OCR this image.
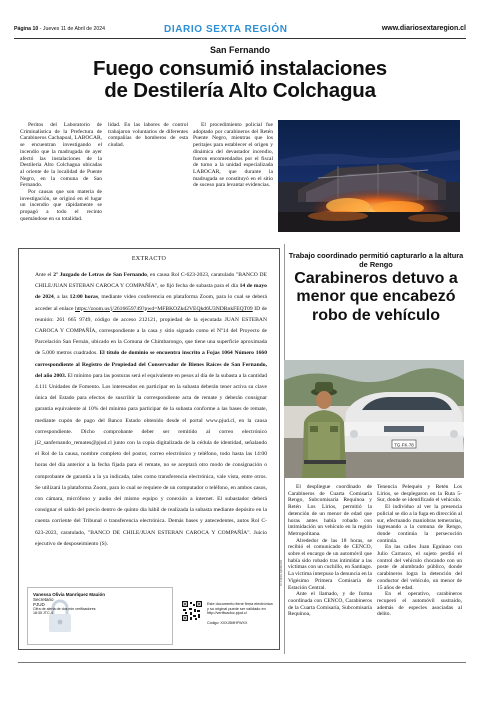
Página 10 - Jueves 11 de Abril de 2024	DIARIO SEXTA REGIÓN	www.diariosextaregion.cl
San Fernando
Fuego consumió instalaciones
de Destilería Alto Colchagua

Peritos del Laboratorio de Criminalística de la Prefectura de Carabineros Cachapoal, LABOCAR, se encuentran investigando el incendio que la madrugada de ayer afectó las instalaciones de la Destilería Alto Colchagua ubicadas al oriente de la localidad de Puente Negro, en la comuna de San Fernando.

Por causas que son materia de investigación, se originó en el lugar un incendio que rápidamente se propagó a todo el recinto quemándose en su totalidad.

lidad. En las labores de control trabajaron voluntarios de diferentes compañías de bomberos de esta ciudad.

El procedimiento policial fue adoptado por carabineros del Retén Puente Negro, mientras que los peritajes para establecer el origen y dinámica del devastador incendio, fueron encomendados por el fiscal de turno a la unidad especializada LABOCAR, que durante la madrugada se constituyó en el sitio de suceso para levantar evidencias.

EXTRACTO
Ante el 2º Juzgado de Letras de San Fernando, en causa Rol C-623-2023, caratulado "BANCO DE CHILE/JUAN ESTEBAN CAROCA Y COMPAÑÍA", se fijó fecha de subasta para el día 14 de mayo de 2024, a las 12:00 horas, mediante video conferencia en plataforma Zoom, para lo cual se deberá acceder al enlace https://zoom.us/j/2616659749?pwd=MFBKOZkd2VEQkd6U3NDRnkFEQT09 ID de reunión: 261 665 9749, código de acceso 212121, propiedad de la ejecutada JUAN ESTEBAN CAROCA Y COMPAÑÍA, correspondiente a la casa y sitio signado como el Nº14 del Proyecto de Parcelación San Fernán, ubicado en la Comuna de Chimbarongo, que tiene una superficie aproximada de 5.000 metros cuadrados. El título de dominio se encuentra inscrito a Fojas 1064 Número 1660 correspondiente al Registro de Propiedad del Conservador de Bienes Raíces de San Fernando, del año 2003. El mínimo para las posturas será el equivalente en pesos al día de la subasta a la cantidad 4.111 Unidades de Fomento. Los interesados en participar en la subasta deberán tener activa su clave única del Estado para efectos de suscribir la correspondiente acta de remate y deberán consignar garantía equivalente al 10% del mínimo para participar de la subasta conforme a las bases de remate, mediante cupón de pago del Banco Estado obtenido desde el portal www.pjud.cl, en la causa correspondiente. Dicho comprobante deber ser remitido al correo electrónico jl2_sanfernando_remates@pjud.cl junto con la copia digitalizada de la cédula de identidad, señalando el Rol de la causa, nombre completo del postor, correo electrónico y teléfono, todo hasta las 14:00 horas del día anterior a la fecha fijada para el remate, no se aceptará otro modo de consignación o comprobante de garantía a la ya indicada, tales como transferencia electrónica, vale vista, entre otros. Se utilizará la plataforma Zoom, para lo cual se requiere de un computador o teléfono, en ambos casos, con cámara, micrófono y audio del mismo equipo y conexión a internet. El subastador deberá consignar el saldo del precio dentro de quinto día hábil de realizada la subasta mediante depósito en la cuenta corriente del Tribunal o transferencia electrónica. Demás bases y antecedentes, autos Rol C-623-2023, caratulado, "BANCO DE CHILE/JUAN ESTEBAN CAROCA Y COMPAÑÍA". Juicio ejecutivo de desposeimiento (S).
Vanessa Olivia Manríquez Mauión
Secretario
PJUD
Cifra de alerta de dos min verificadores 18:35 JTC-4
Este documento tiene firma electrónica y su original puede ser validado en http://verificadoc.pjud.cl
Código: XXXJ5MHFWXX
Nº 4 D(SU.N)/V06-003
Trabajo coordinado permitió capturarlo a la altura de Rengo
Carabineros detuvo a menor que encabezó robo de vehículo
TG·FK·78

El despliegue coordinado de Carabineros de Cuarta Comisaría Rengo, Subcomisaría Requínoa y Retén Los Lirios, permitió la detención de un menor de edad que horas antes había robado con intimidación un vehículo en la región Metropolitana.

Alrededor de las 18 horas, se recibió el comunicado de CENCO, sobre el encargo de un automóvil que había sido robado tras intimidar a las víctimas con un cuchillo, en Santiago. La víctima interpuso la denuncia en la Vigésimo Primera Comisaría de Estación Central.

Ante el llamado, y de forma coordinada con CENCO, Carabineros de la Cuarta Comisaría, Subcomisaría Requínoa,

Tenencia Pelequén y Retén Los Lirios, se desplegaron en la Ruta 5- Sur, donde se identificado el vehículo.

El individuo al ver la presencia policial se dio a la fuga en dirección al sur, efectuando maniobras temerarias, ingresando a la comuna de Rengo, donde continúa la persecución continúa.

En las calles Juan Eguinao con Julio Carrasco, el sujeto perdió el control del vehículo chocando con un poste de alumbrado público, donde carabineros logra la detención del conductor del vehículo, un menor de 15 años de edad.

En el operativo, carabineros recuperó el automóvil sustraído, además de especies asociadas al delito.
